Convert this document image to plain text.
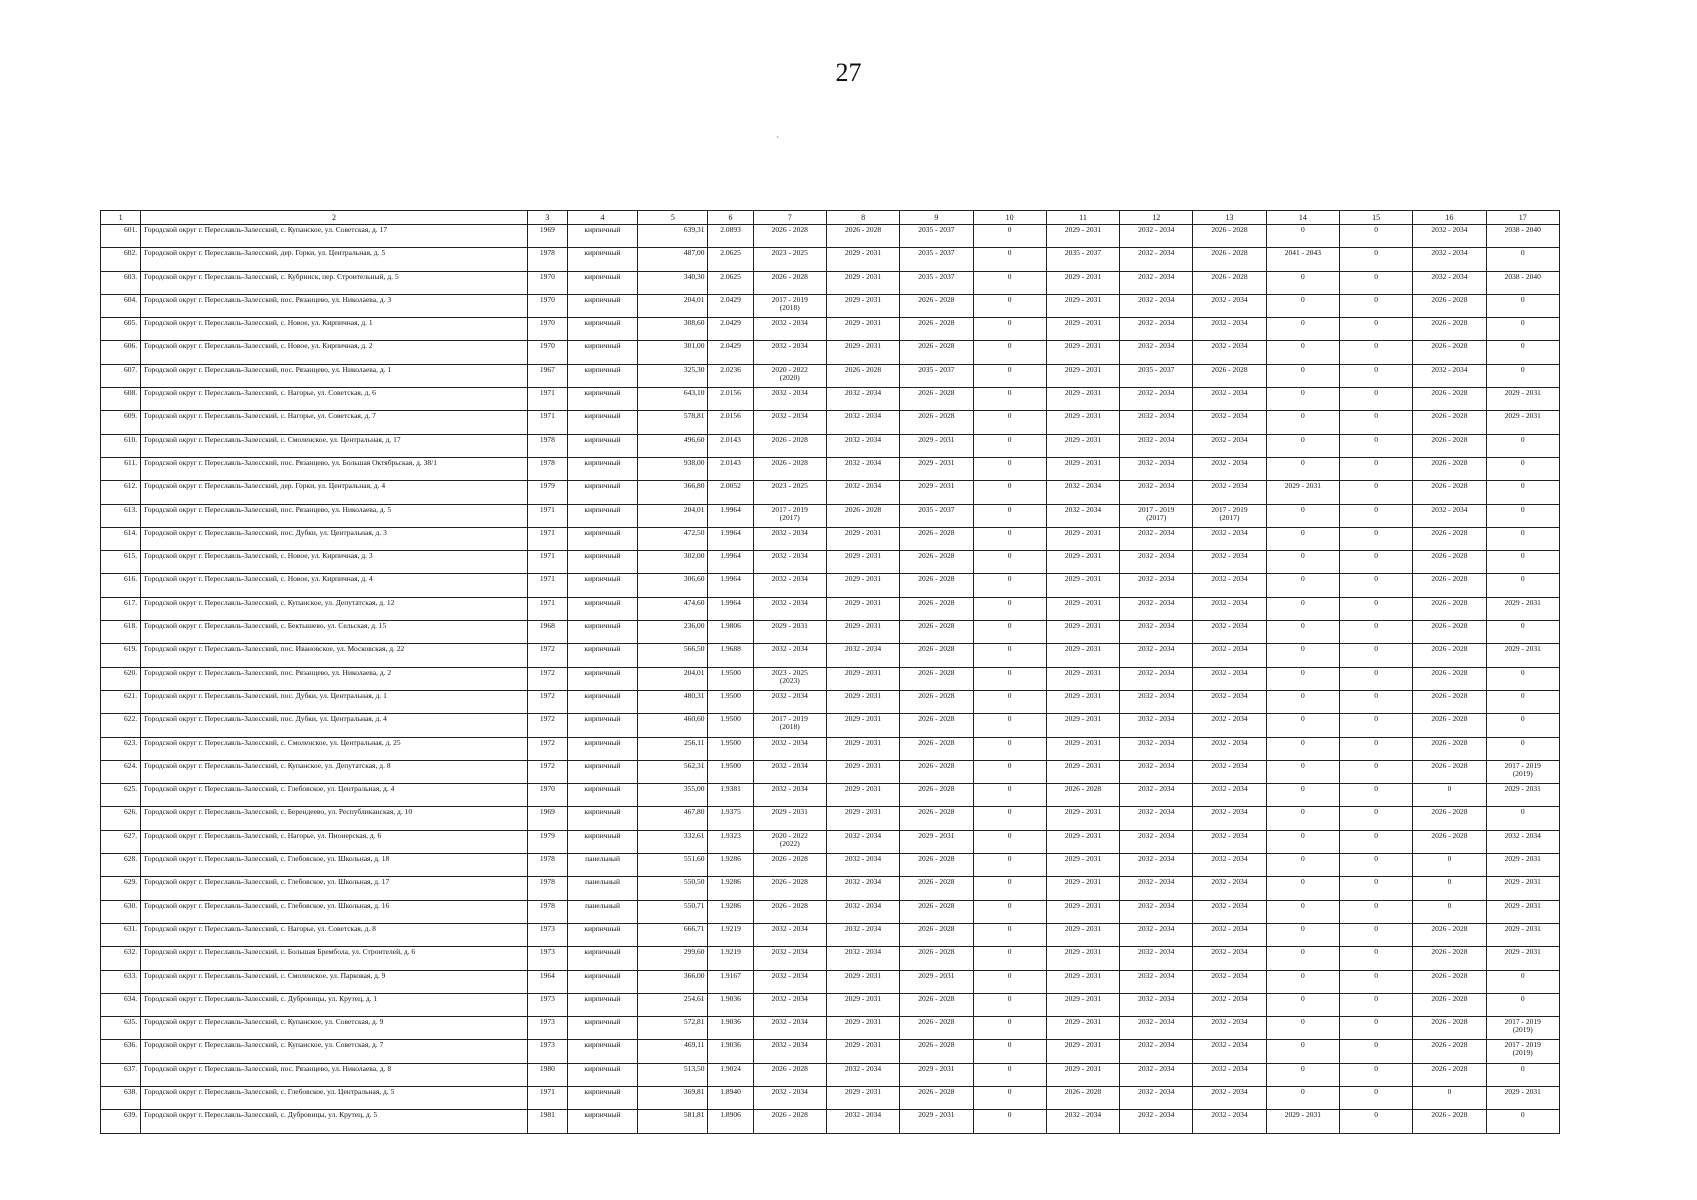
27
`
1	2	3	4	5	6	7	8	9	10	11	12	13	14	15	16	17
601.	Городской округ г. Переславль-Залесский, с. Купанское, ул. Советская, д. 17	1969	кирпичный	639,31	2.0893	2026 - 2028	2026 - 2028	2035 - 2037	0	2029 - 2031	2032 - 2034	2026 - 2028	0	0	2032 - 2034	2038 - 2040
602.	Городской округ г. Переславль-Залесский, дер. Горки, ул. Центральная, д. 5	1978	кирпичный	487,00	2.0625	2023 - 2025	2029 - 2031	2035 - 2037	0	2035 - 2037	2032 - 2034	2026 - 2028	2041 - 2043	0	2032 - 2034	0
603.	Городской округ г. Переславль-Залесский, с. Кубринск, пер. Строительный, д. 5	1970	кирпичный	340,30	2.0625	2026 - 2028	2029 - 2031	2035 - 2037	0	2029 - 2031	2032 - 2034	2026 - 2028	0	0	2032 - 2034	2038 - 2040
604.	Городской округ г. Переславль-Залесский, пос. Рязанцево, ул. Николаева, д. 3	1970	кирпичный	204,01	2.0429	2017 - 2019
(2018)	2029 - 2031	2026 - 2028	0	2029 - 2031	2032 - 2034	2032 - 2034	0	0	2026 - 2028	0
605.	Городской округ г. Переславль-Залесский, с. Новое, ул. Кирпичная, д. 1	1970	кирпичный	308,60	2.0429	2032 - 2034	2029 - 2031	2026 - 2028	0	2029 - 2031	2032 - 2034	2032 - 2034	0	0	2026 - 2028	0
606.	Городской округ г. Переславль-Залесский, с. Новое, ул. Кирпичная, д. 2	1970	кирпичный	301,00	2.0429	2032 - 2034	2029 - 2031	2026 - 2028	0	2029 - 2031	2032 - 2034	2032 - 2034	0	0	2026 - 2028	0
607.	Городской округ г. Переславль-Залесский, пос. Рязанцево, ул. Николаева, д. 1	1967	кирпичный	325,30	2.0236	2020 - 2022
(2020)	2026 - 2028	2035 - 2037	0	2029 - 2031	2035 - 2037	2026 - 2028	0	0	2032 - 2034	0
608.	Городской округ г. Переславль-Залесский, с. Нагорье, ул. Советская, д. 6	1971	кирпичный	643,10	2.0156	2032 - 2034	2032 - 2034	2026 - 2028	0	2029 - 2031	2032 - 2034	2032 - 2034	0	0	2026 - 2028	2029 - 2031
609.	Городской округ г. Переславль-Залесский, с. Нагорье, ул. Советская, д. 7	1971	кирпичный	578,81	2.0156	2032 - 2034	2032 - 2034	2026 - 2028	0	2029 - 2031	2032 - 2034	2032 - 2034	0	0	2026 - 2028	2029 - 2031
610.	Городской округ г. Переславль-Залесский, с. Смоленское, ул. Центральная, д. 17	1978	кирпичный	496,60	2.0143	2026 - 2028	2032 - 2034	2029 - 2031	0	2029 - 2031	2032 - 2034	2032 - 2034	0	0	2026 - 2028	0
611.	Городской округ г. Переславль-Залесский, пос. Рязанцево, ул. Большая Октябрьская, д. 38/1	1978	кирпичный	938,00	2.0143	2026 - 2028	2032 - 2034	2029 - 2031	0	2029 - 2031	2032 - 2034	2032 - 2034	0	0	2026 - 2028	0
612.	Городской округ г. Переславль-Залесский, дер. Горки, ул. Центральная, д. 4	1979	кирпичный	366,80	2.0052	2023 - 2025	2032 - 2034	2029 - 2031	0	2032 - 2034	2032 - 2034	2032 - 2034	2029 - 2031	0	2026 - 2028	0
613.	Городской округ г. Переславль-Залесский, пос. Рязанцево, ул. Николаева, д. 5	1971	кирпичный	204,01	1.9964	2017 - 2019
(2017)	2026 - 2028	2035 - 2037	0	2032 - 2034	2017 - 2019
(2017)	2017 - 2019
(2017)	0	0	2032 - 2034	0
614.	Городской округ г. Переславль-Залесский, пос. Дубки, ул. Центральная, д. 3	1971	кирпичный	472,50	1.9964	2032 - 2034	2029 - 2031	2026 - 2028	0	2029 - 2031	2032 - 2034	2032 - 2034	0	0	2026 - 2028	0
615.	Городской округ г. Переславль-Залесский, с. Новое, ул. Кирпичная, д. 3	1971	кирпичный	302,00	1.9964	2032 - 2034	2029 - 2031	2026 - 2028	0	2029 - 2031	2032 - 2034	2032 - 2034	0	0	2026 - 2028	0
616.	Городской округ г. Переславль-Залесский, с. Новое, ул. Кирпичная, д. 4	1971	кирпичный	306,60	1.9964	2032 - 2034	2029 - 2031	2026 - 2028	0	2029 - 2031	2032 - 2034	2032 - 2034	0	0	2026 - 2028	0
617.	Городской округ г. Переславль-Залесский, с. Купанское, ул. Депутатская, д. 12	1971	кирпичный	474,60	1.9964	2032 - 2034	2029 - 2031	2026 - 2028	0	2029 - 2031	2032 - 2034	2032 - 2034	0	0	2026 - 2028	2029 - 2031
618.	Городской округ г. Переславль-Залесский, с. Бектышево, ул. Сельская, д. 15	1968	кирпичный	236,00	1.9806	2029 - 2031	2029 - 2031	2026 - 2028	0	2029 - 2031	2032 - 2034	2032 - 2034	0	0	2026 - 2028	0
619.	Городской округ г. Переславль-Залесский, пос. Ивановское, ул. Московская, д. 22	1972	кирпичный	566,50	1.9688	2032 - 2034	2032 - 2034	2026 - 2028	0	2029 - 2031	2032 - 2034	2032 - 2034	0	0	2026 - 2028	2029 - 2031
620.	Городской округ г. Переславль-Залесский, пос. Рязанцево, ул. Николаева, д. 2	1972	кирпичный	204,01	1.9500	2023 - 2025
(2023)	2029 - 2031	2026 - 2028	0	2029 - 2031	2032 - 2034	2032 - 2034	0	0	2026 - 2028	0
621.	Городской округ г. Переславль-Залесский, пос. Дубки, ул. Центральная, д. 1	1972	кирпичный	480,31	1.9500	2032 - 2034	2029 - 2031	2026 - 2028	0	2029 - 2031	2032 - 2034	2032 - 2034	0	0	2026 - 2028	0
622.	Городской округ г. Переславль-Залесский, пос. Дубки, ул. Центральная, д. 4	1972	кирпичный	460,60	1.9500	2017 - 2019
(2018)	2029 - 2031	2026 - 2028	0	2029 - 2031	2032 - 2034	2032 - 2034	0	0	2026 - 2028	0
623.	Городской округ г. Переславль-Залесский, с. Смоленское, ул. Центральная, д. 25	1972	кирпичный	256,11	1.9500	2032 - 2034	2029 - 2031	2026 - 2028	0	2029 - 2031	2032 - 2034	2032 - 2034	0	0	2026 - 2028	0
624.	Городской округ г. Переславль-Залесский, с. Купанское, ул. Депутатская, д. 8	1972	кирпичный	562,31	1.9500	2032 - 2034	2029 - 2031	2026 - 2028	0	2029 - 2031	2032 - 2034	2032 - 2034	0	0	2026 - 2028	2017 - 2019
(2019)

625.	Городской округ г. Переславль-Залесский, с. Глебовское, ул. Центральная, д. 4	1970	кирпичный	355,00	1.9381	2032 - 2034	2029 - 2031	2026 - 2028	0	2026 - 2028	2032 - 2034	2032 - 2034	0	0	0	2029 - 2031
626.	Городской округ г. Переславль-Залесский, с. Берендеево, ул. Республиканская, д. 10	1969	кирпичный	467,80	1.9375	2029 - 2031	2029 - 2031	2026 - 2028	0	2029 - 2031	2032 - 2034	2032 - 2034	0	0	2026 - 2028	0
627.	Городской округ г. Переславль-Залесский, с. Нагорье, ул. Пионерская, д. 6	1979	кирпичный	332,61	1.9323	2020 - 2022
(2022)	2032 - 2034	2029 - 2031	0	2029 - 2031	2032 - 2034	2032 - 2034	0	0	2026 - 2028	2032 - 2034
628.	Городской округ г. Переславль-Залесский, с. Глебовское, ул. Школьная, д. 18	1978	панельный	551,60	1.9286	2026 - 2028	2032 - 2034	2026 - 2028	0	2029 - 2031	2032 - 2034	2032 - 2034	0	0	0	2029 - 2031
629.	Городской округ г. Переславль-Залесский, с. Глебовское, ул. Школьная, д. 17	1978	панельный	550,50	1.9286	2026 - 2028	2032 - 2034	2026 - 2028	0	2029 - 2031	2032 - 2034	2032 - 2034	0	0	0	2029 - 2031
630.	Городской округ г. Переславль-Залесский, с. Глебовское, ул. Школьная, д. 16	1978	панельный	550,71	1.9286	2026 - 2028	2032 - 2034	2026 - 2028	0	2029 - 2031	2032 - 2034	2032 - 2034	0	0	0	2029 - 2031
631.	Городской округ г. Переславль-Залесский, с. Нагорье, ул. Советская, д. 8	1973	кирпичный	666,71	1.9219	2032 - 2034	2032 - 2034	2026 - 2028	0	2029 - 2031	2032 - 2034	2032 - 2034	0	0	2026 - 2028	2029 - 2031
632.	Городской округ г. Переславль-Залесский, с. Большая Брембола, ул. Строителей, д. 6	1973	кирпичный	299,60	1.9219	2032 - 2034	2032 - 2034	2026 - 2028	0	2029 - 2031	2032 - 2034	2032 - 2034	0	0	2026 - 2028	2029 - 2031
633.	Городской округ г. Переславль-Залесский, с. Смоленское, ул. Парковая, д. 9	1964	кирпичный	366,00	1.9167	2032 - 2034	2029 - 2031	2029 - 2031	0	2029 - 2031	2032 - 2034	2032 - 2034	0	0	2026 - 2028	0
634.	Городской округ г. Переславль-Залесский, с. Дубровицы, ул. Крутец, д. 1	1973	кирпичный	254,61	1.9036	2032 - 2034	2029 - 2031	2026 - 2028	0	2029 - 2031	2032 - 2034	2032 - 2034	0	0	2026 - 2028	0
635.	Городской округ г. Переславль-Залесский, с. Купанское, ул. Советская, д. 9	1973	кирпичный	572,81	1.9036	2032 - 2034	2029 - 2031	2026 - 2028	0	2029 - 2031	2032 - 2034	2032 - 2034	0	0	2026 - 2028	2017 - 2019
(2019)

636.	Городской округ г. Переславль-Залесский, с. Купанское, ул. Советская, д. 7	1973	кирпичный	469,11	1.9036	2032 - 2034	2029 - 2031	2026 - 2028	0	2029 - 2031	2032 - 2034	2032 - 2034	0	0	2026 - 2028	2017 - 2019
(2019)

637.	Городской округ г. Переславль-Залесский, пос. Рязанцево, ул. Николаева, д. 8	1980	кирпичный	513,50	1.9024	2026 - 2028	2032 - 2034	2029 - 2031	0	2029 - 2031	2032 - 2034	2032 - 2034	0	0	2026 - 2028	0
638.	Городской округ г. Переславль-Залесский, с. Глебовское, ул. Центральная, д. 5	1971	кирпичный	369,81	1.8940	2032 - 2034	2029 - 2031	2026 - 2028	0	2026 - 2028	2032 - 2034	2032 - 2034	0	0	0	2029 - 2031
639.	Городской округ г. Переславль-Залесский, с. Дубровицы, ул. Крутец, д. 5	1981	кирпичный	581,81	1.8906	2026 - 2028	2032 - 2034	2029 - 2031	0	2032 - 2034	2032 - 2034	2032 - 2034	2029 - 2031	0	2026 - 2028	0
